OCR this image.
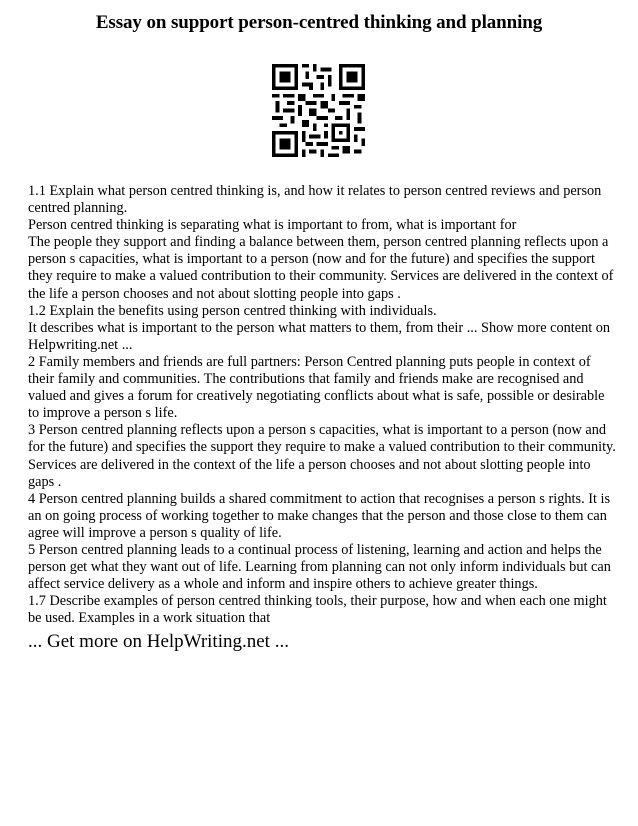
Essay on support person-centred thinking and planning

1.1 Explain what person centred thinking is, and how it relates to person centred reviews and person centred planning.

Person centred thinking is separating what is important to from, what is important for

The people they support and finding a balance between them, person centred planning reflects upon a person s capacities, what is important to a person (now and for the future) and specifies the support they require to make a valued contribution to their community. Services are delivered in the context of the life a person chooses and not about slotting people into gaps .

1.2 Explain the benefits using person centred thinking with individuals.

It describes what is important to the person what matters to them, from their ... Show more content on Helpwriting.net ...

2 Family members and friends are full partners: Person Centred planning puts people in context of their family and communities. The contributions that family and friends make are recognised and valued and gives a forum for creatively negotiating conflicts about what is safe, possible or desirable to improve a person s life.

3 Person centred planning reflects upon a person s capacities, what is important to a person (now and for the future) and specifies the support they require to make a valued contribution to their community. Services are delivered in the context of the life a person chooses and not about slotting people into gaps .

4 Person centred planning builds a shared commitment to action that recognises a person s rights. It is an on going process of working together to make changes that the person and those close to them can agree will improve a person s quality of life.

5 Person centred planning leads to a continual process of listening, learning and action and helps the person get what they want out of life. Learning from planning can not only inform individuals but can affect service delivery as a whole and inform and inspire others to achieve greater things.

1.7 Describe examples of person centred thinking tools, their purpose, how and when each one might be used. Examples in a work situation that

... Get more on HelpWriting.net ...
